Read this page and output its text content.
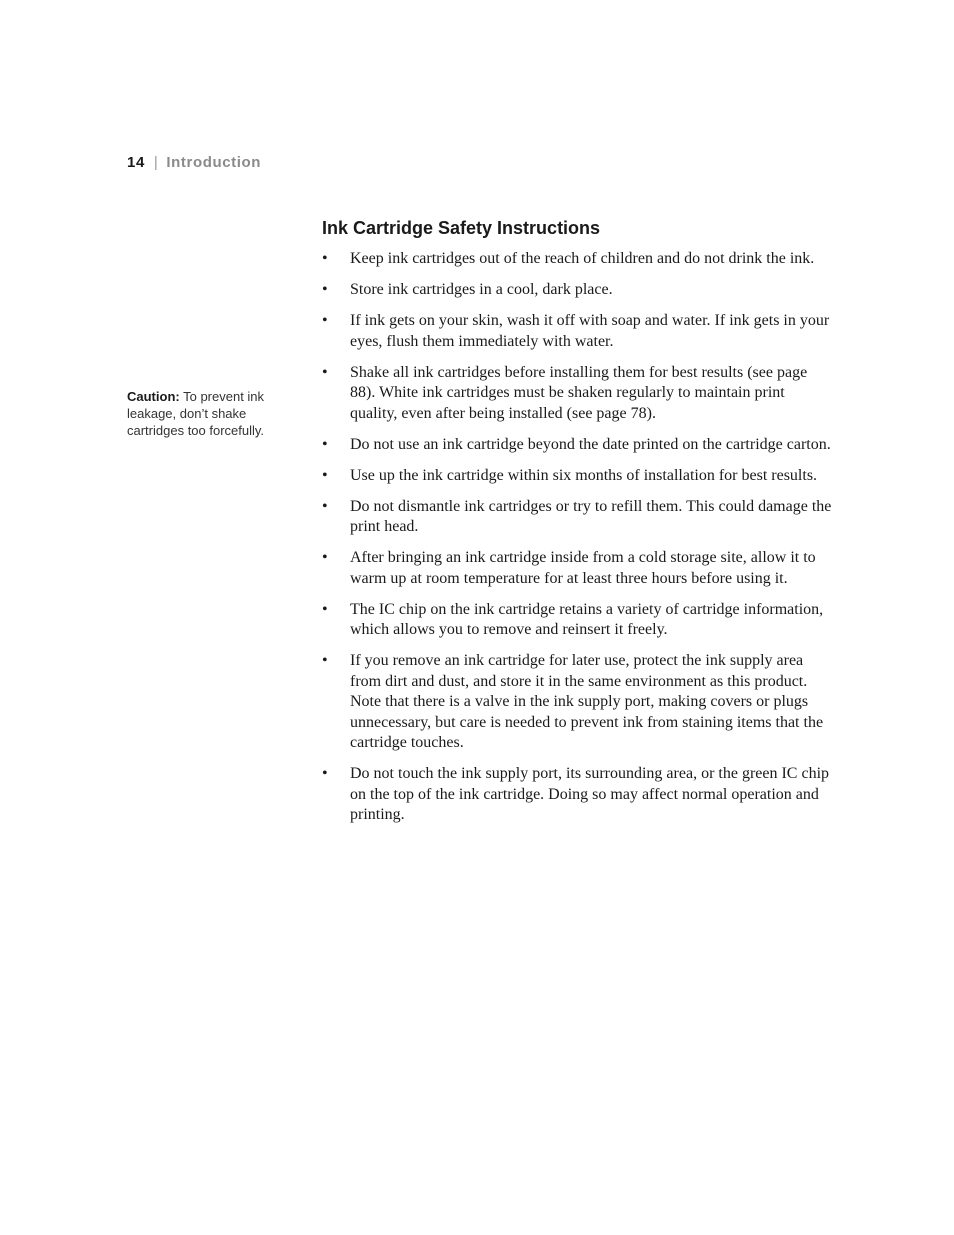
14 | Introduction
Ink Cartridge Safety Instructions
•	Keep ink cartridges out of the reach of children and do not drink the ink.
•	Store ink cartridges in a cool, dark place.
•	If ink gets on your skin, wash it off with soap and water. If ink gets in your eyes, flush them immediately with water.
•	Shake all ink cartridges before installing them for best results (see page 88). White ink cartridges must be shaken regularly to maintain print quality, even after being installed (see page 78).
•	Do not use an ink cartridge beyond the date printed on the cartridge carton.
•	Use up the ink cartridge within six months of installation for best results.
•	Do not dismantle ink cartridges or try to refill them. This could damage the print head.
•	After bringing an ink cartridge inside from a cold storage site, allow it to warm up at room temperature for at least three hours before using it.
•	The IC chip on the ink cartridge retains a variety of cartridge information, which allows you to remove and reinsert it freely.
•	If you remove an ink cartridge for later use, protect the ink supply area from dirt and dust, and store it in the same environment as this product. Note that there is a valve in the ink supply port, making covers or plugs unnecessary, but care is needed to prevent ink from staining items that the cartridge touches.
•	Do not touch the ink supply port, its surrounding area, or the green IC chip on the top of the ink cartridge. Doing so may affect normal operation and printing.
Caution: To prevent ink leakage, don’t shake cartridges too forcefully.
